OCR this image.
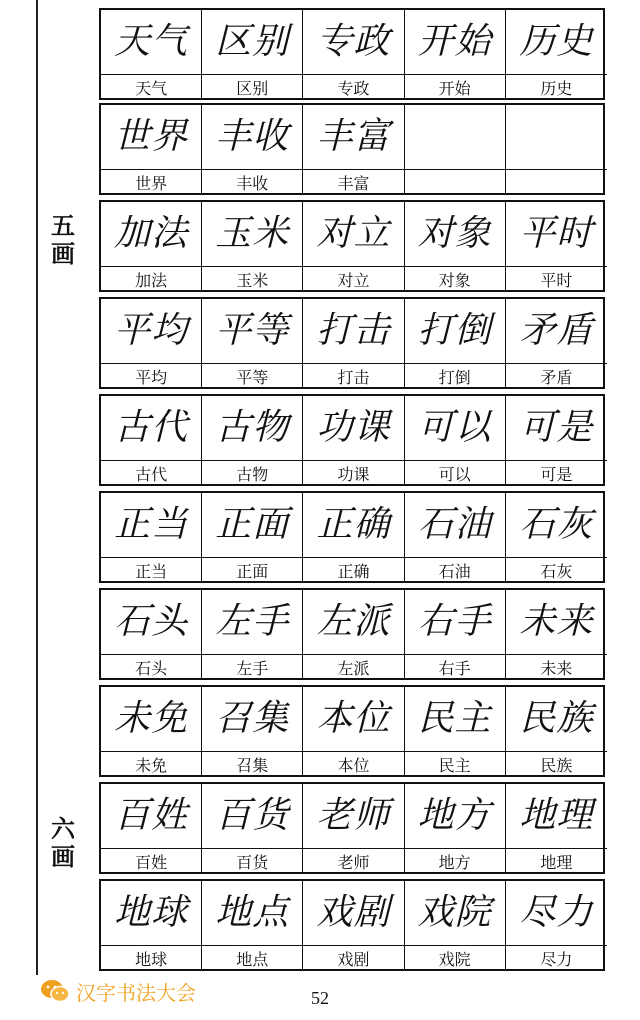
五画
六画
天气
天气
区别
区别
专政
专政
开始
开始
历史
历史
世界
世界
丰收
丰收
丰富
丰富
加法
加法
玉米
玉米
对立
对立
对象
对象
平时
平时
平均
平均
平等
平等
打击
打击
打倒
打倒
矛盾
矛盾
古代
古代
古物
古物
功课
功课
可以
可以
可是
可是
正当
正当
正面
正面
正确
正确
石油
石油
石灰
石灰
石头
石头
左手
左手
左派
左派
右手
右手
未来
未来
未免
未免
召集
召集
本位
本位
民主
民主
民族
民族
百姓
百姓
百货
百货
老师
老师
地方
地方
地理
地理
地球
地球
地点
地点
戏剧
戏剧
戏院
戏院
尽力
尽力
汉字书法大会	52
